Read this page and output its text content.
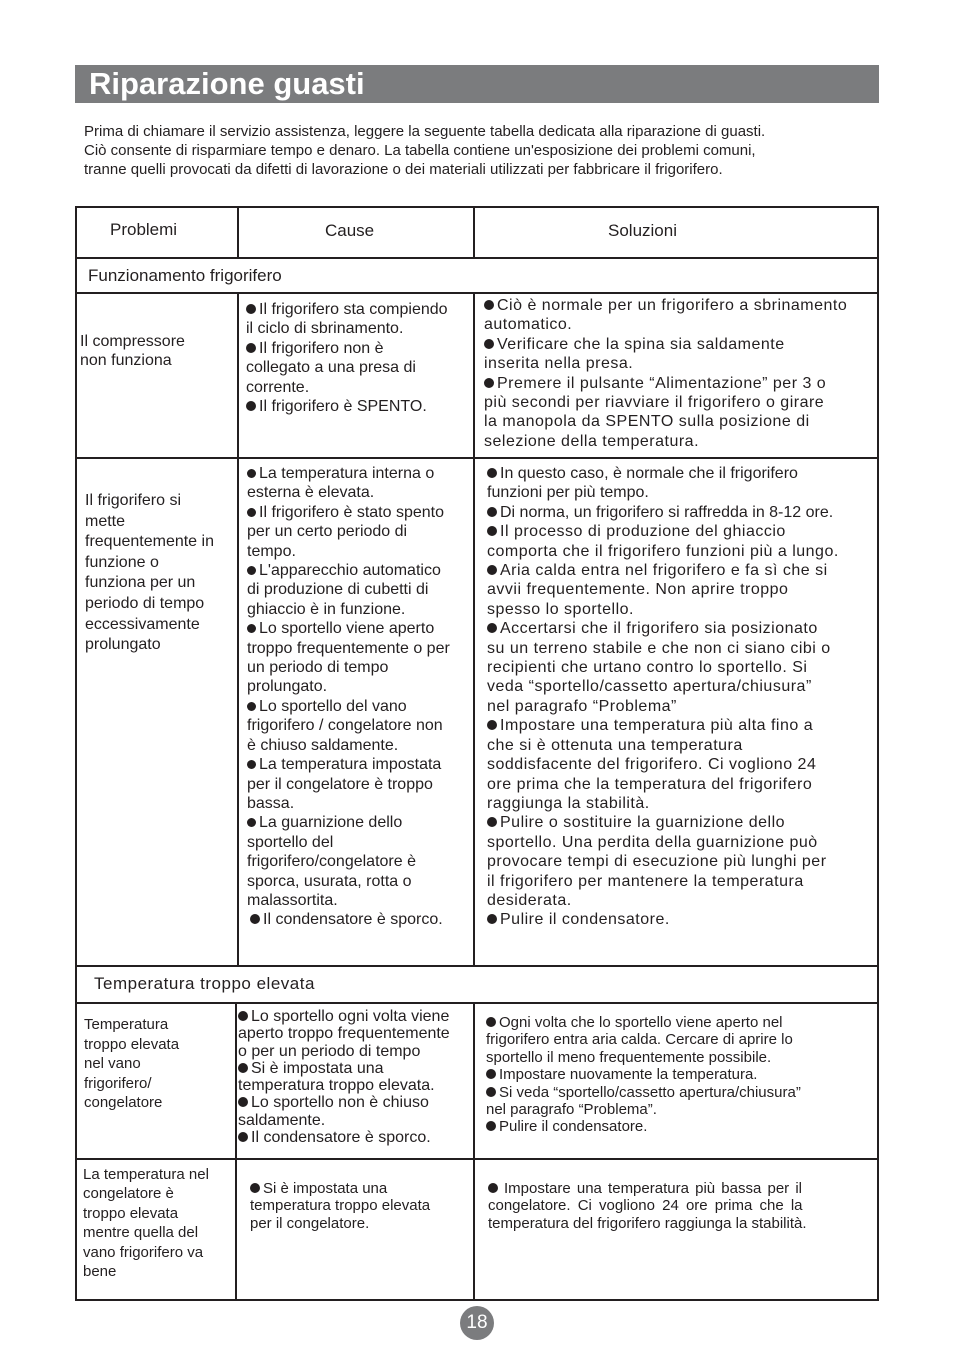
Riparazione guasti

Prima di chiamare il servizio assistenza, leggere la seguente tabella dedicata alla riparazione di guasti.
Ciò consente di risparmiare tempo e denaro. La tabella contiene un'esposizione dei problemi comuni,
tranne quelli provocati da difetti di lavorazione o dei materiali utilizzati per fabbricare il frigorifero.

Problemi	Cause	Soluzioni
Funzionamento frigorifero

Il compressore

non funziona

Il frigorifero sta compiendo

il ciclo di sbrinamento.

Il frigorifero non è

collegato a una presa di

corrente.

Il frigorifero è SPENTO.

Ciò è normale per un frigorifero a sbrinamento

automatico.

Verificare che la spina sia saldamente

inserita nella presa.

Premere il pulsante “Alimentazione” per 3 o

più secondi per riavviare il frigorifero o girare

la manopola da SPENTO sulla posizione di

selezione della temperatura.

Il frigorifero si

mette

frequentemente in

funzione o

funziona per un

periodo di tempo

eccessivamente

prolungato

La temperatura interna o

esterna è elevata.

Il frigorifero è stato spento

per un certo periodo di

tempo.

L'apparecchio automatico

di produzione di cubetti di

ghiaccio è in funzione.

Lo sportello viene aperto

troppo frequentemente o per

un periodo di tempo

prolungato.

Lo sportello del vano

frigorifero / congelatore non

è chiuso saldamente.

La temperatura impostata

per il congelatore è troppo

bassa.

La guarnizione dello

sportello del

frigorifero/congelatore è

sporca, usurata, rotta o

malassortita.

Il condensatore è sporco.

In questo caso, è normale che il frigorifero

funzioni per più tempo.

Di norma, un frigorifero si raffredda in 8-12 ore.

Il processo di produzione del ghiaccio

comporta che il frigorifero funzioni più a lungo.

Aria calda entra nel frigorifero e fa sì che si

avvii frequentemente. Non aprire troppo

spesso lo sportello.

Accertarsi che il frigorifero sia posizionato

su un terreno stabile e che non ci siano cibi o

recipienti che urtano contro lo sportello. Si

veda “sportello/cassetto apertura/chiusura”

nel paragrafo “Problema”

Impostare una temperatura più alta fino a

che si è ottenuta una temperatura

soddisfacente del frigorifero. Ci vogliono 24

ore prima che la temperatura del frigorifero

raggiunga la stabilità.

Pulire o sostituire la guarnizione dello

sportello. Una perdita della guarnizione può

provocare tempi di esecuzione più lunghi per

il frigorifero per mantenere la temperatura

desiderata.

Pulire il condensatore.

Temperatura troppo elevata

Temperatura

troppo elevata

nel vano

frigorifero/

congelatore

Lo sportello ogni volta viene

aperto troppo frequentemente

o per un periodo di tempo

Si è impostata una

temperatura troppo elevata.

Lo sportello non è chiuso

saldamente.

Il condensatore è sporco.

Ogni volta che lo sportello viene aperto nel

frigorifero entra aria calda. Cercare di aprire lo

sportello il meno frequentemente possibile.

Impostare nuovamente la temperatura.

Si veda “sportello/cassetto apertura/chiusura”

nel paragrafo “Problema”.

Pulire il condensatore.

La temperatura nel

congelatore è

troppo elevata

mentre quella del

vano frigorifero va

bene

Si è impostata una

temperatura troppo elevata

per il congelatore.

Impostare una temperatura più bassa per il

congelatore. Ci vogliono 24 ore prima che la

temperatura del frigorifero raggiunga la stabilità.

18
